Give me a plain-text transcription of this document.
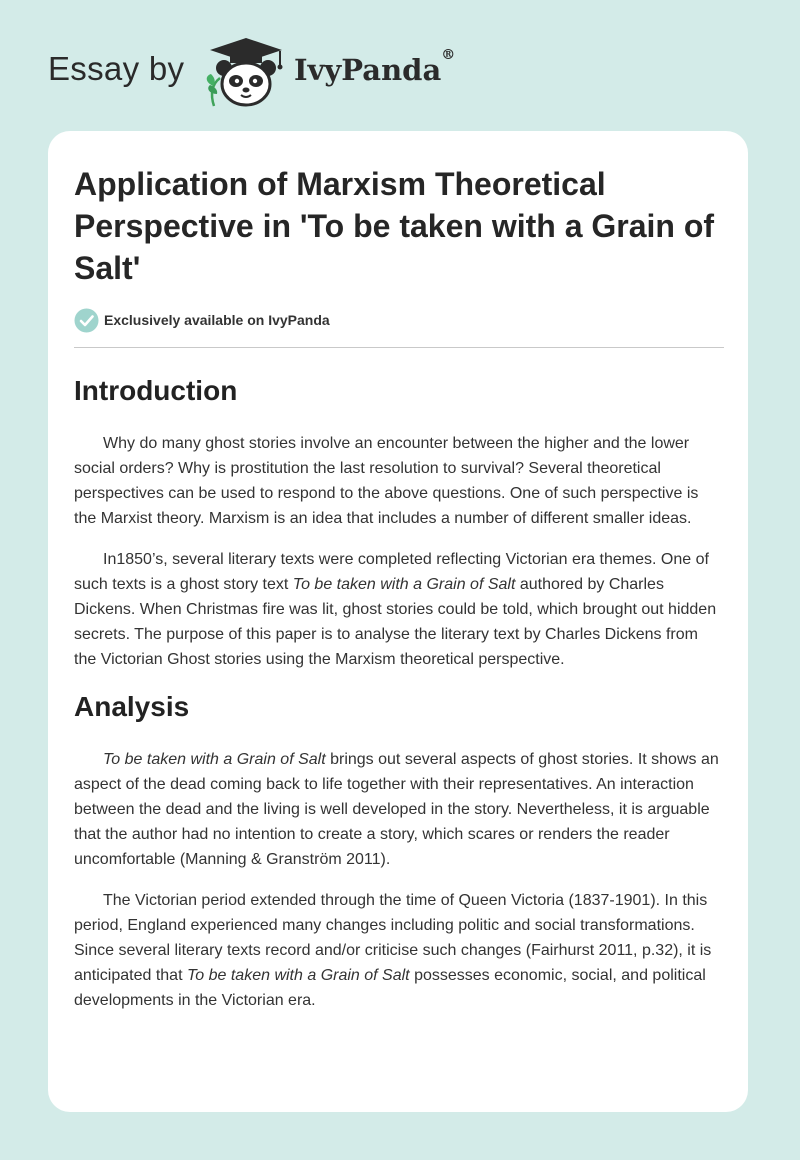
Essay by	IvyPanda®
Application of Marxism Theoretical Perspective in 'To be taken with a Grain of Salt'
Exclusively available on IvyPanda
Introduction

Why do many ghost stories involve an encounter between the higher and the lower social orders? Why is prostitution the last resolution to survival? Several theoretical perspectives can be used to respond to the above questions. One of such perspective is the Marxist theory. Marxism is an idea that includes a number of different smaller ideas.

In1850’s, several literary texts were completed reflecting Victorian era themes. One of such texts is a ghost story text To be taken with a Grain of Salt authored by Charles Dickens. When Christmas fire was lit, ghost stories could be told, which brought out hidden secrets. The purpose of this paper is to analyse the literary text by Charles Dickens from the Victorian Ghost stories using the Marxism theoretical perspective.

Analysis

To be taken with a Grain of Salt brings out several aspects of ghost stories. It shows an aspect of the dead coming back to life together with their representatives. An interaction between the dead and the living is well developed in the story. Nevertheless, it is arguable that the author had no intention to create a story, which scares or renders the reader uncomfortable (Manning & Granström 2011).

The Victorian period extended through the time of Queen Victoria (1837-1901). In this period, England experienced many changes including politic and social transformations. Since several literary texts record and/or criticise such changes (Fairhurst 2011, p.32), it is anticipated that To be taken with a Grain of Salt possesses economic, social, and political developments in the Victorian era.
